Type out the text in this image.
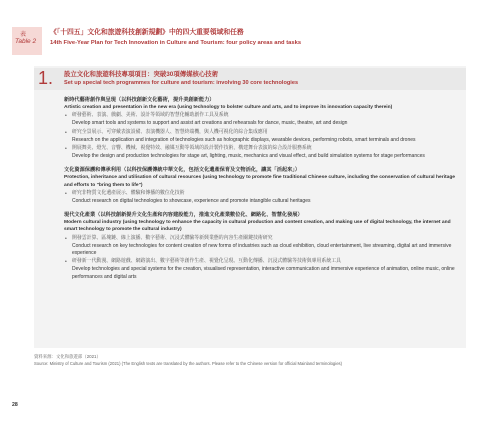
表
Table 2
《「十四五」文化和旅遊科技創新規劃》中的四大重要領域和任務
14th Five-Year Plan for Tech Innovation in Culture and Tourism: four policy areas and tasks
1. 設立文化和旅遊科技專項項目：突破30項傳媒核心技術
Set up special tech programmes for culture and tourism: involving 30 core technologies
新時代藝術創作與呈現（以科技創新文化藝術，提升美創新能力）
Artistic creation and presentation in the new era (using technology to bolster culture and arts, and to improve its innovation capacity therein)
• 研發藝術、表演、戲劇、美術、設計等領域的智慧化輔助創作工具及系統
Develop smart tools and systems to support and assist art creations and rehearsals for dance, music, theatre, art and design
• 研究全景展示、可穿戴表演設備、表演機器人、智慧終端機，與人機可視化的綜合集成應用
Research on the application and integration of technologies such as holographic displays, wearable devices, performing robots, smart terminals and drones
• 開展舞美、燈光、音響、機械、視覺特效、融媒互動等領域的設計製作技術，構建舞台表演的綜合設計服務系統
Develop the design and production technologies for stage art, lighting, music, mechanics and visual effect, and build simulation systems for stage performances
文化資源保護和傳承利用（以科技保護傳統中華文化，包括文化遺產保育及文物活化，讓其「活起來」）
Protection, inheritance and utilisation of cultural resources (using technology to promote fine traditional Chinese culture, including the conservation of cultural heritage and efforts to "bring them to life")
• 研究非物質文化遺產展示、體驗和傳播的數位化技術
Conduct research on digital technologies to showcase, experience and promote intangible cultural heritages
現代文化產業（以科技創新提升文化生產和內容建設能力，推進文化產業數位化、網路化、智慧化發展）
Modern cultural industry (using technology to enhance the capacity in cultural production and content creation, and making use of digital technology, the internet and smart technology to promote the cultural industry)
• 開發雲計算、區塊鏈、線上演播、數字藝術、沉浸式體驗等新興業態的內容生產關鍵技術研究
Conduct research on key technologies for content creation of new forms of industries such as cloud exhibition, cloud entertainment, live streaming, digital art and immersive experience
• 研發新一代動漫、網路遊戲、網路演出、數字藝術等創作生產、視覺化呈現、互動化傳播、沉浸式體驗等技術與專用系統工具
Develop technologies and special systems for the creation, visualised representation, interactive communication and immersive experience of animation, online music, online performances and digital arts
資料來源：文化和旅遊部（2021）
Source: Ministry of Culture and Tourism (2021) (The English texts are translated by the authors. Please refer to the Chinese version for official Mainland terminologies)
28
